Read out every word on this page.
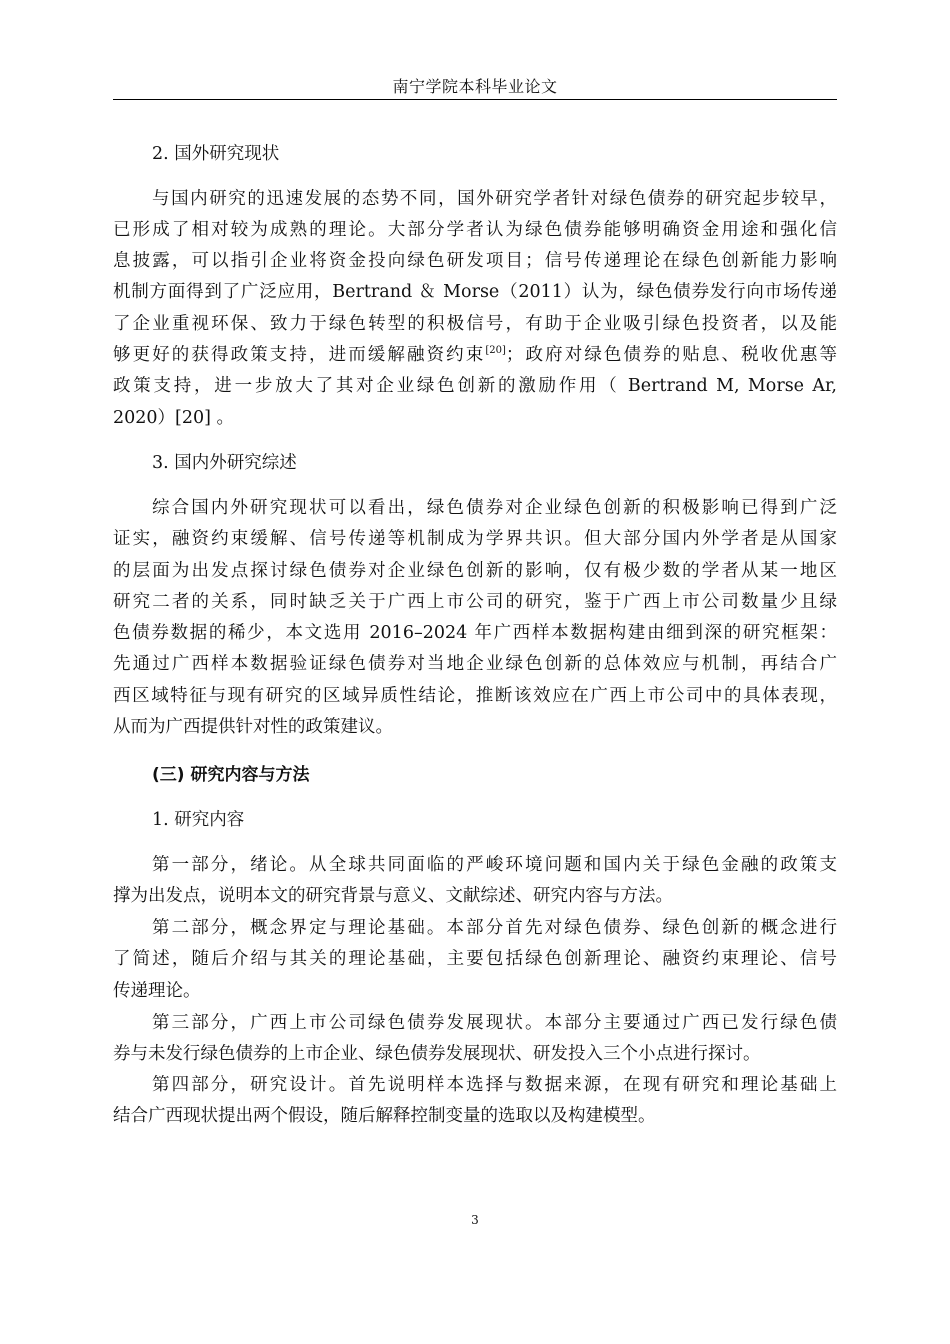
南宁学院本科毕业论文
2. 国外研究现状
与国内研究的迅速发展的态势不同，国外研究学者针对绿色债券的研究起步较早，
已形成了相对较为成熟的理论。大部分学者认为绿色债券能够明确资金用途和强化信
息披露，可以指引企业将资金投向绿色研发项目；信号传递理论在绿色创新能力影响
机制方面得到了广泛应用，Bertrand ＆ Morse（2011）认为，绿色债券发行向市场传递
了企业重视环保、致力于绿色转型的积极信号，有助于企业吸引绿色投资者，以及能
够更好的获得政策支持，进而缓解融资约束[20]；政府对绿色债券的贴息、税收优惠等
政策支持，进一步放大了其对企业绿色创新的激励作用（ Bertrand M, Morse Ar,
2020）[20] 。
3. 国内外研究综述
综合国内外研究现状可以看出，绿色债券对企业绿色创新的积极影响已得到广泛
证实，融资约束缓解、信号传递等机制成为学界共识。但大部分国内外学者是从国家
的层面为出发点探讨绿色债券对企业绿色创新的影响，仅有极少数的学者从某一地区
研究二者的关系，同时缺乏关于广西上市公司的研究，鉴于广西上市公司数量少且绿
色债券数据的稀少，本文选用 2016–2024 年广西样本数据构建由细到深的研究框架：
先通过广西样本数据验证绿色债券对当地企业绿色创新的总体效应与机制，再结合广
西区域特征与现有研究的区域异质性结论，推断该效应在广西上市公司中的具体表现，
从而为广西提供针对性的政策建议。
(三) 研究内容与方法
1. 研究内容
第一部分，绪论。从全球共同面临的严峻环境问题和国内关于绿色金融的政策支
撑为出发点，说明本文的研究背景与意义、文献综述、研究内容与方法。
第二部分，概念界定与理论基础。本部分首先对绿色债券、绿色创新的概念进行
了简述，随后介绍与其关的理论基础，主要包括绿色创新理论、融资约束理论、信号
传递理论。
第三部分，广西上市公司绿色债券发展现状。本部分主要通过广西已发行绿色债
券与未发行绿色债券的上市企业、绿色债券发展现状、研发投入三个小点进行探讨。
第四部分，研究设计。首先说明样本选择与数据来源，在现有研究和理论基础上
结合广西现状提出两个假设，随后解释控制变量的选取以及构建模型。
3
